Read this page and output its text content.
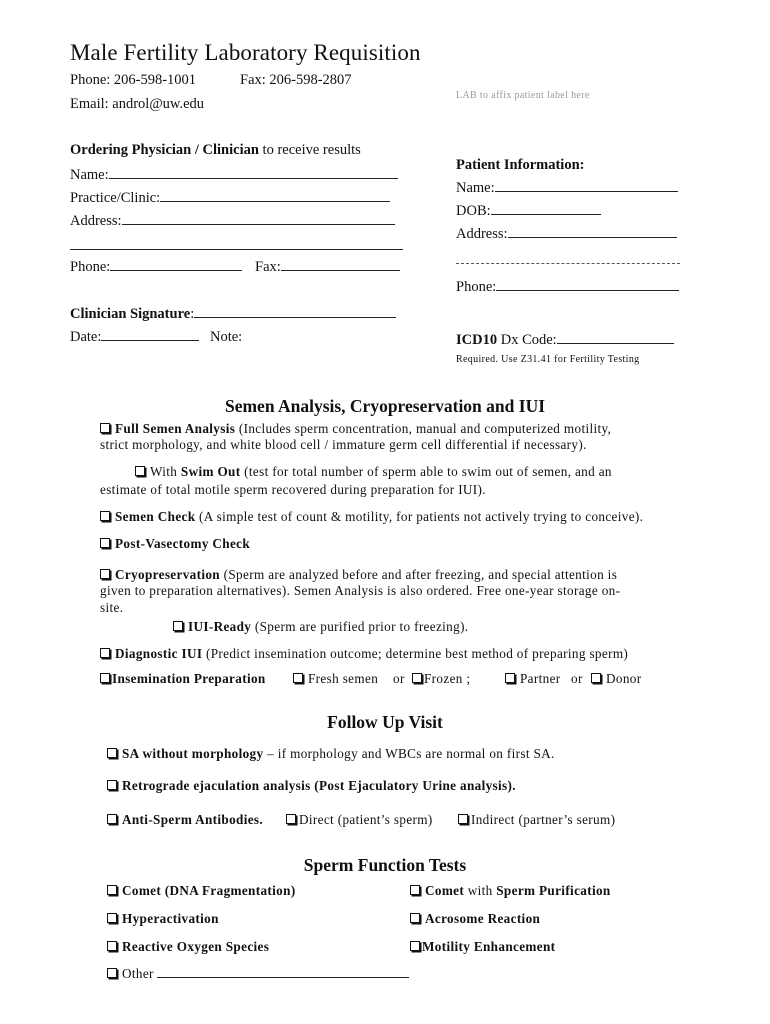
Male Fertility Laboratory Requisition
Phone: 206-598-1001	Fax: 206-598-2807
Email: androl@uw.edu
LAB to affix patient label here
Ordering Physician / Clinician to receive results
Name:
Practice/Clinic:
Address:
Phone:	Fax:
Clinician Signature:
Date:	Note:
Patient Information:
Name:
DOB:
Address:
Phone:
ICD10 Dx Code:
Required. Use Z31.41 for Fertility Testing
Semen Analysis, Cryopreservation and IUI
Full Semen Analysis (Includes sperm concentration, manual and computerized motility,
strict morphology, and white blood cell / immature germ cell differential if necessary).
With Swim Out (test for total number of sperm able to swim out of semen, and an
estimate of total motile sperm recovered during preparation for IUI).
Semen Check (A simple test of count & motility, for patients not actively trying to conceive).
Post-Vasectomy Check
Cryopreservation (Sperm are analyzed before and after freezing, and special attention is
given to preparation alternatives). Semen Analysis is also ordered. Free one-year storage on-
site.
IUI-Ready (Sperm are purified prior to freezing).
Diagnostic IUI (Predict insemination outcome; determine best method of preparing sperm)
Insemination Preparation	Fresh semen or	Frozen ;	Partner or	Donor
Follow Up Visit
SA without morphology – if morphology and WBCs are normal on first SA.
Retrograde ejaculation analysis (Post Ejaculatory Urine analysis).
Anti-Sperm Antibodies.	Direct (patient’s sperm)	Indirect (partner’s serum)
Sperm Function Tests
Comet (DNA Fragmentation)	Comet with Sperm Purification
Hyperactivation	Acrosome Reaction
Reactive Oxygen Species	Motility Enhancement
Other
